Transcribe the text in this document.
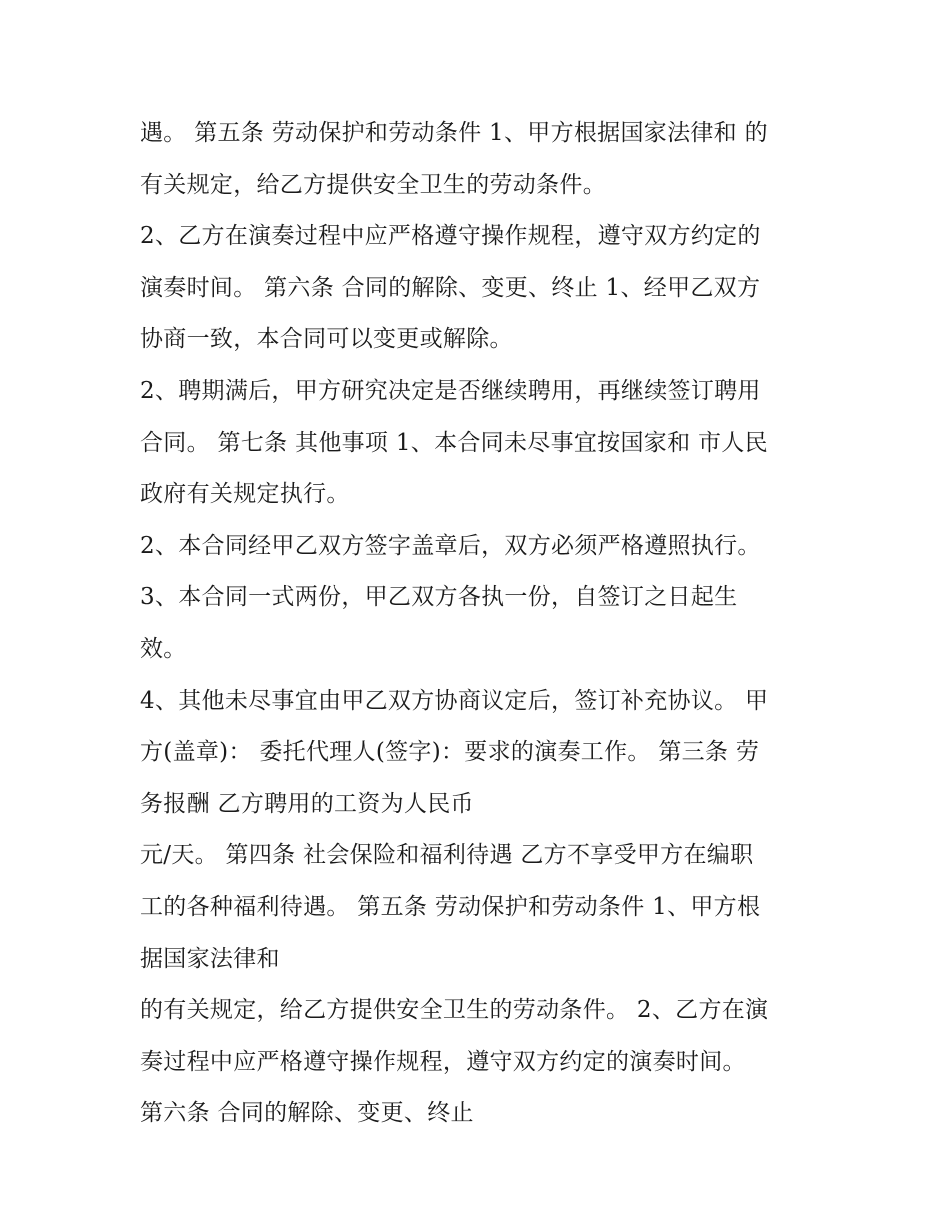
遇。 第五条 劳动保护和劳动条件 1、甲方根据国家法律和 的
有关规定，给乙方提供安全卫生的劳动条件。
2、乙方在演奏过程中应严格遵守操作规程，遵守双方约定的
演奏时间。 第六条 合同的解除、变更、终止 1、经甲乙双方
协商一致，本合同可以变更或解除。
2、聘期满后，甲方研究决定是否继续聘用，再继续签订聘用
合同。 第七条 其他事项 1、本合同未尽事宜按国家和 市人民
政府有关规定执行。
2、本合同经甲乙双方签字盖章后，双方必须严格遵照执行。
3、本合同一式两份，甲乙双方各执一份，自签订之日起生
效。
4、其他未尽事宜由甲乙双方协商议定后，签订补充协议。 甲
方(盖章)： 委托代理人(签字)：要求的演奏工作。 第三条 劳
务报酬 乙方聘用的工资为人民币
元/天。 第四条 社会保险和福利待遇 乙方不享受甲方在编职
工的各种福利待遇。 第五条 劳动保护和劳动条件 1、甲方根
据国家法律和
的有关规定，给乙方提供安全卫生的劳动条件。 2、乙方在演
奏过程中应严格遵守操作规程，遵守双方约定的演奏时间。
第六条 合同的解除、变更、终止
